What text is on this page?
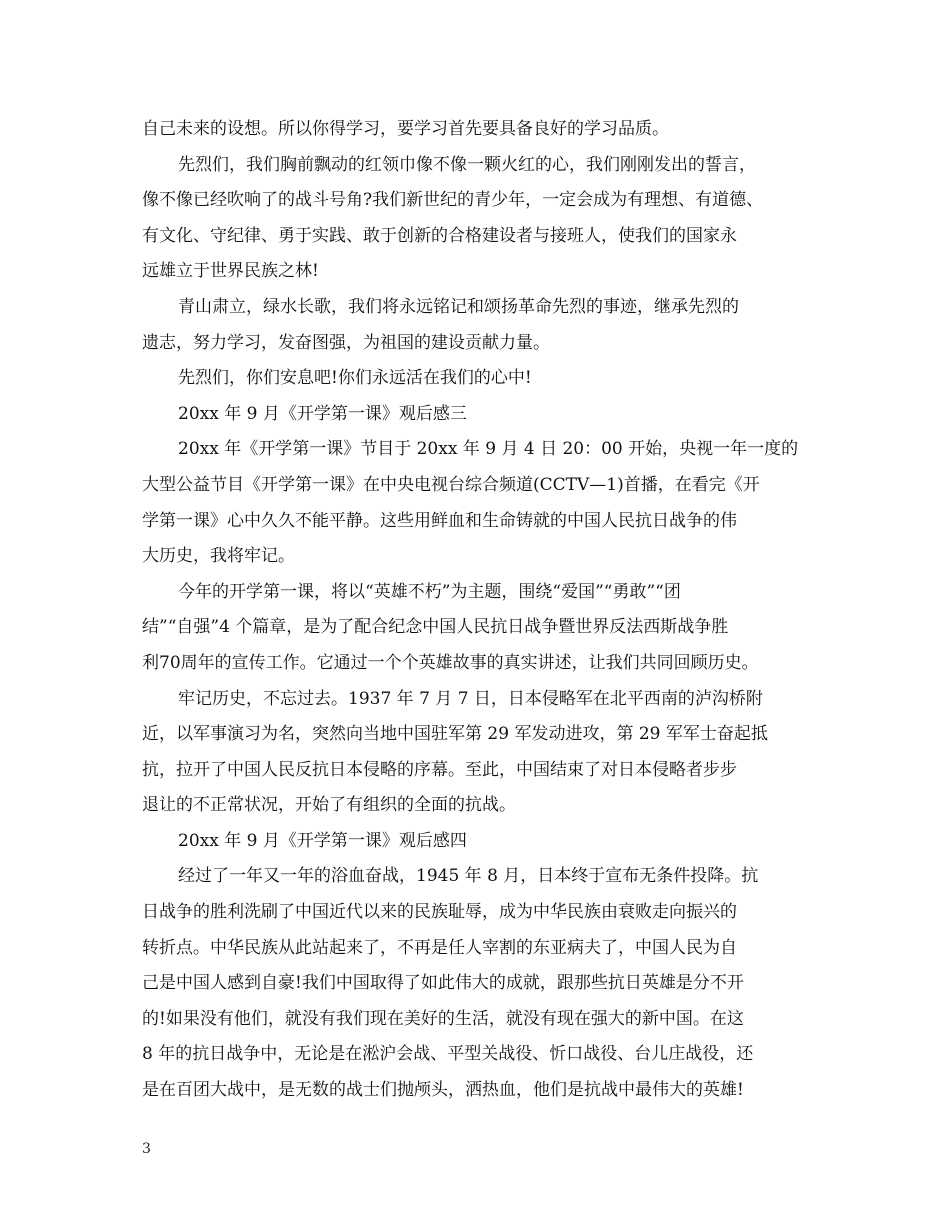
自己未来的设想。所以你得学习，要学习首先要具备良好的学习品质。
先烈们，我们胸前飘动的红领巾像不像一颗火红的心，我们刚刚发出的誓言，
像不像已经吹响了的战斗号角?我们新世纪的青少年，一定会成为有理想、有道德、
有文化、守纪律、勇于实践、敢于创新的合格建设者与接班人，使我们的国家永
远雄立于世界民族之林!
青山肃立，绿水长歌，我们将永远铭记和颂扬革命先烈的事迹，继承先烈的
遗志，努力学习，发奋图强，为祖国的建设贡献力量。
先烈们，你们安息吧!你们永远活在我们的心中!
20xx 年 9 月《开学第一课》观后感三
20xx 年《开学第一课》节目于 20xx 年 9 月 4 日 20：00 开始，央视一年一度的
大型公益节目《开学第一课》在中央电视台综合频道(CCTV—1)首播，在看完《开
学第一课》心中久久不能平静。这些用鲜血和生命铸就的中国人民抗日战争的伟
大历史，我将牢记。
今年的开学第一课，将以“英雄不朽”为主题，围绕“爱国”“勇敢”“团
结”“自强”4 个篇章，是为了配合纪念中国人民抗日战争暨世界反法西斯战争胜
利70周年的宣传工作。它通过一个个英雄故事的真实讲述，让我们共同回顾历史。
牢记历史，不忘过去。1937 年 7 月 7 日，日本侵略军在北平西南的泸沟桥附
近，以军事演习为名，突然向当地中国驻军第 29 军发动进攻，第 29 军军士奋起抵
抗，拉开了中国人民反抗日本侵略的序幕。至此，中国结束了对日本侵略者步步
退让的不正常状况，开始了有组织的全面的抗战。
20xx 年 9 月《开学第一课》观后感四
经过了一年又一年的浴血奋战，1945 年 8 月，日本终于宣布无条件投降。抗
日战争的胜利洗刷了中国近代以来的民族耻辱，成为中华民族由衰败走向振兴的
转折点。中华民族从此站起来了，不再是任人宰割的东亚病夫了，中国人民为自
己是中国人感到自豪!我们中国取得了如此伟大的成就，跟那些抗日英雄是分不开
的!如果没有他们，就没有我们现在美好的生活，就没有现在强大的新中国。在这
8 年的抗日战争中，无论是在淞沪会战、平型关战役、忻口战役、台儿庄战役，还
是在百团大战中，是无数的战士们抛颅头，洒热血，他们是抗战中最伟大的英雄!
3
